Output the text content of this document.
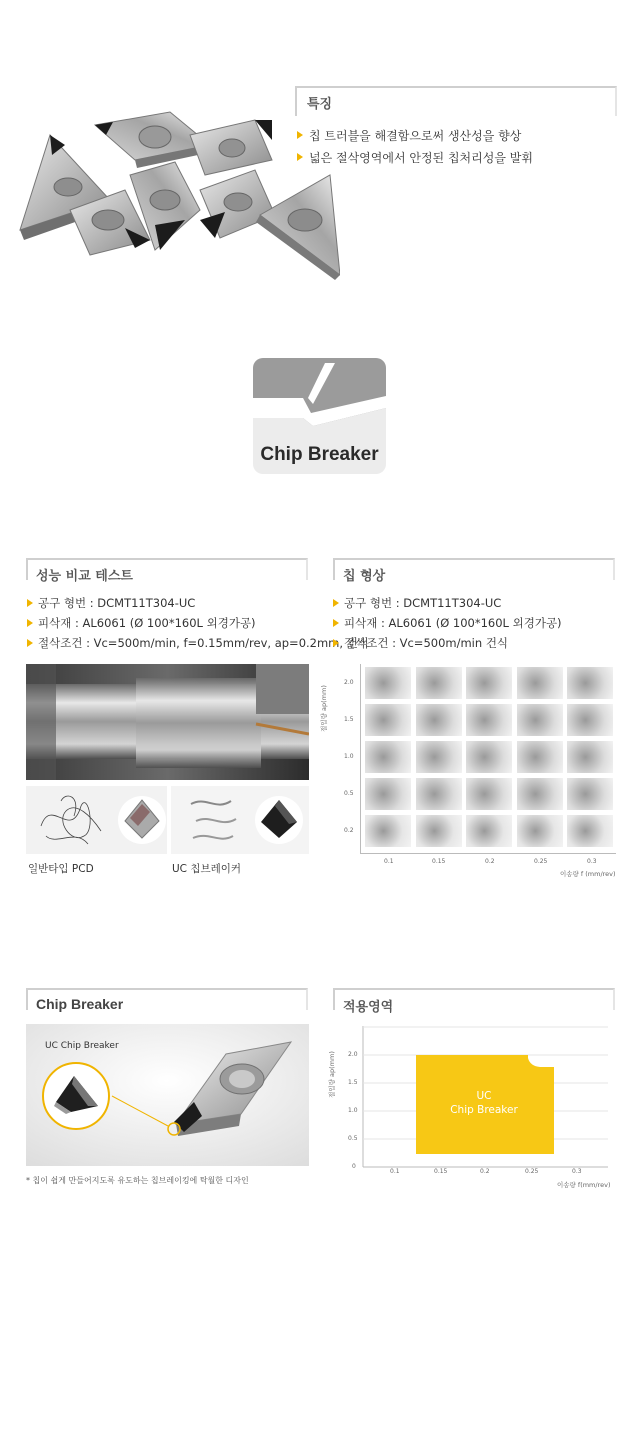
특징
칩 트러블을 해결함으로써 생산성을 향상
넓은 절삭영역에서 안정된 칩처리성을 발휘
Chip Breaker
성능 비교 테스트
공구 형번 : DCMT11T304-UC
피삭재 : AL6061 (Ø 100*160L 외경가공)
절삭조건 : Vc=500m/min, f=0.15mm/rev, ap=0.2mm, 건식
일반타입 PCD	UC 칩브레이커
칩 형상
공구 형번 : DCMT11T304-UC
피삭재 : AL6061 (Ø 100*160L 외경가공)
절삭조건 : Vc=500m/min 건식
절입량 ap(mm)
2.0
1.5
1.0
0.5
0.2
0.1	0.15	0.2	0.25	0.3
이송량 f (mm/rev)
Chip Breaker
UC Chip Breaker
* 칩이 쉽게 만들어지도록 유도하는 칩브레이킹에 탁월한 디자인
적용영역
절입량 ap(mm) 2.0
1.5
1.0
0.5
0
0.1	0.15	0.2	0.25	0.3
이송량 f(mm/rev)
UC
Chip Breaker
